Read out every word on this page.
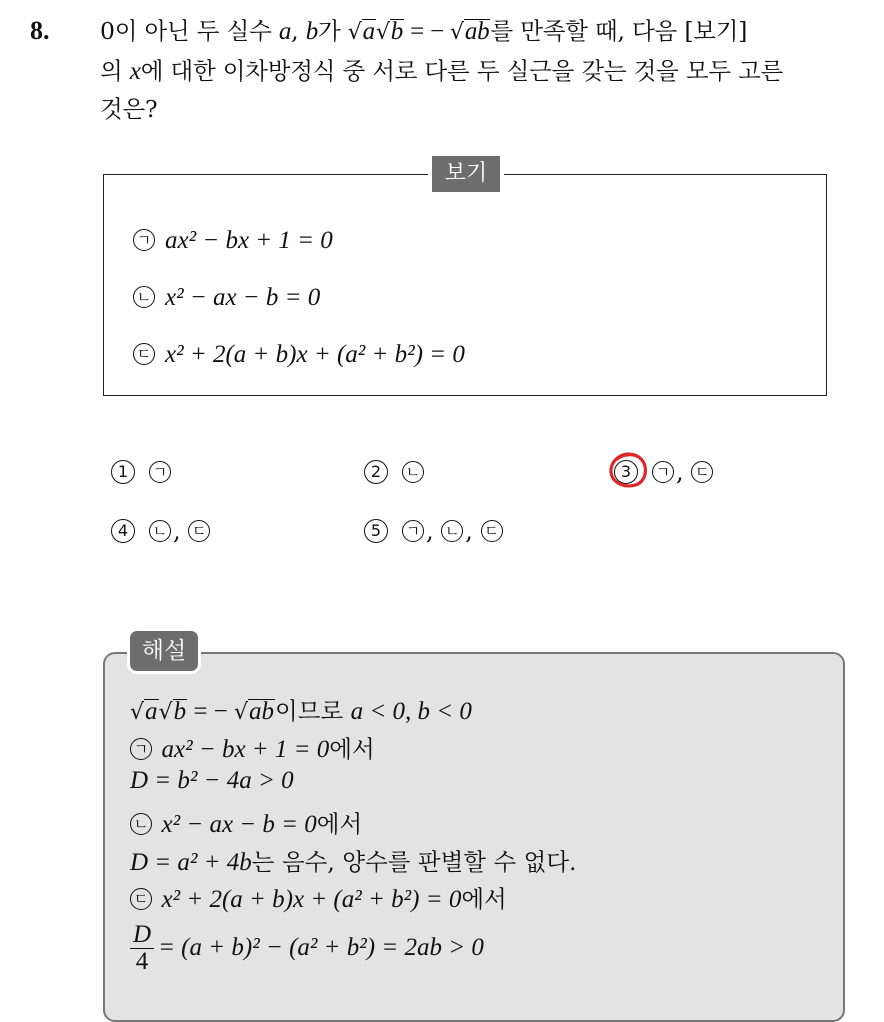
8. 0이 아닌 두 실수 a, b가 √a√b = − √ab를 만족할 때, 다음 [보기]
의 x에 대한 이차방정식 중 서로 다른 두 실근을 갖는 것을 모두 고른
것은?
보기
ㄱ ax² − bx + 1 = 0
ㄴ x² − ax − b = 0
ㄷ x² + 2(a + b)x + (a² + b²) = 0
1 ㄱ	2 ㄴ	3 ㄱ , ㄷ
4 ㄴ , ㄷ	5 ㄱ , ㄴ , ㄷ
해설
√a√b = − √ab이므로 a < 0, b < 0
ㄱ ax² − bx + 1 = 0에서
D = b² − 4a > 0
ㄴ x² − ax − b = 0에서
D = a² + 4b는 음수, 양수를 판별할 수 없다.
ㄷ x² + 2(a + b)x + (a² + b²) = 0에서
$\frac{D}{4} = (a + b)^2 - (a^2 + b^2) = 2ab > 0$
